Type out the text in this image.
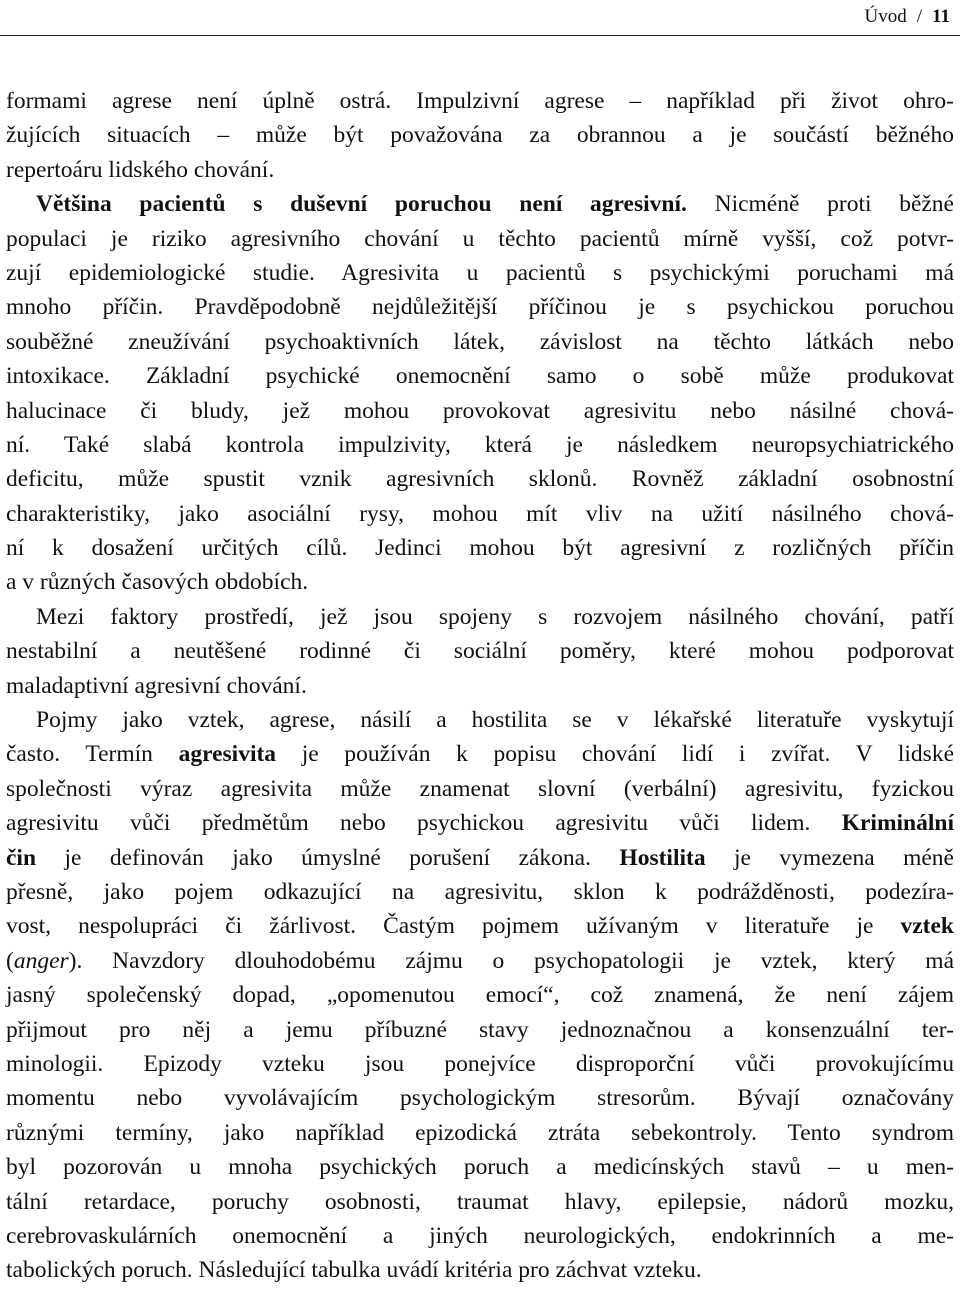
Úvod / 11
formami agrese není úplně ostrá. Impulzivní agrese – například při život ohro-
žujících situacích – může být považována za obrannou a je součástí běžného
repertoáru lidského chování.
Většina pacientů s duševní poruchou není agresivní. Nicméně proti běžné
populaci je riziko agresivního chování u těchto pacientů mírně vyšší, což potvr-
zují epidemiologické studie. Agresivita u pacientů s psychickými poruchami má
mnoho příčin. Pravděpodobně nejdůležitější příčinou je s psychickou poruchou
souběžné zneužívání psychoaktivních látek, závislost na těchto látkách nebo
intoxikace. Základní psychické onemocnění samo o sobě může produkovat
halucinace či bludy, jež mohou provokovat agresivitu nebo násilné chová-
ní. Také slabá kontrola impulzivity, která je následkem neuropsychiatrického
deficitu, může spustit vznik agresivních sklonů. Rovněž základní osobnostní
charakteristiky, jako asociální rysy, mohou mít vliv na užití násilného chová-
ní k dosažení určitých cílů. Jedinci mohou být agresivní z rozličných příčin
a v různých časových obdobích.
Mezi faktory prostředí, jež jsou spojeny s rozvojem násilného chování, patří
nestabilní a neutěšené rodinné či sociální poměry, které mohou podporovat
maladaptivní agresivní chování.
Pojmy jako vztek, agrese, násilí a hostilita se v lékařské literatuře vyskytují
často. Termín agresivita je používán k popisu chování lidí i zvířat. V lidské
společnosti výraz agresivita může znamenat slovní (verbální) agresivitu, fyzickou
agresivitu vůči předmětům nebo psychickou agresivitu vůči lidem. Kriminální
čin je definován jako úmyslné porušení zákona. Hostilita je vymezena méně
přesně, jako pojem odkazující na agresivitu, sklon k podrážděnosti, podezíra-
vost, nespolupráci či žárlivost. Častým pojmem užívaným v literatuře je vztek
(anger). Navzdory dlouhodobému zájmu o psychopatologii je vztek, který má
jasný společenský dopad, „opomenutou emocí“, což znamená, že není zájem
přijmout pro něj a jemu příbuzné stavy jednoznačnou a konsenzuální ter-
minologii. Epizody vzteku jsou ponejvíce disproporční vůči provokujícímu
momentu nebo vyvolávajícím psychologickým stresorům. Bývají označovány
různými termíny, jako například epizodická ztráta sebekontroly. Tento syndrom
byl pozorován u mnoha psychických poruch a medicínských stavů – u men-
tální retardace, poruchy osobnosti, traumat hlavy, epilepsie, nádorů mozku,
cerebrovaskulárních onemocnění a jiných neurologických, endokrinních a me-
tabolických poruch. Následující tabulka uvádí kritéria pro záchvat vzteku.
